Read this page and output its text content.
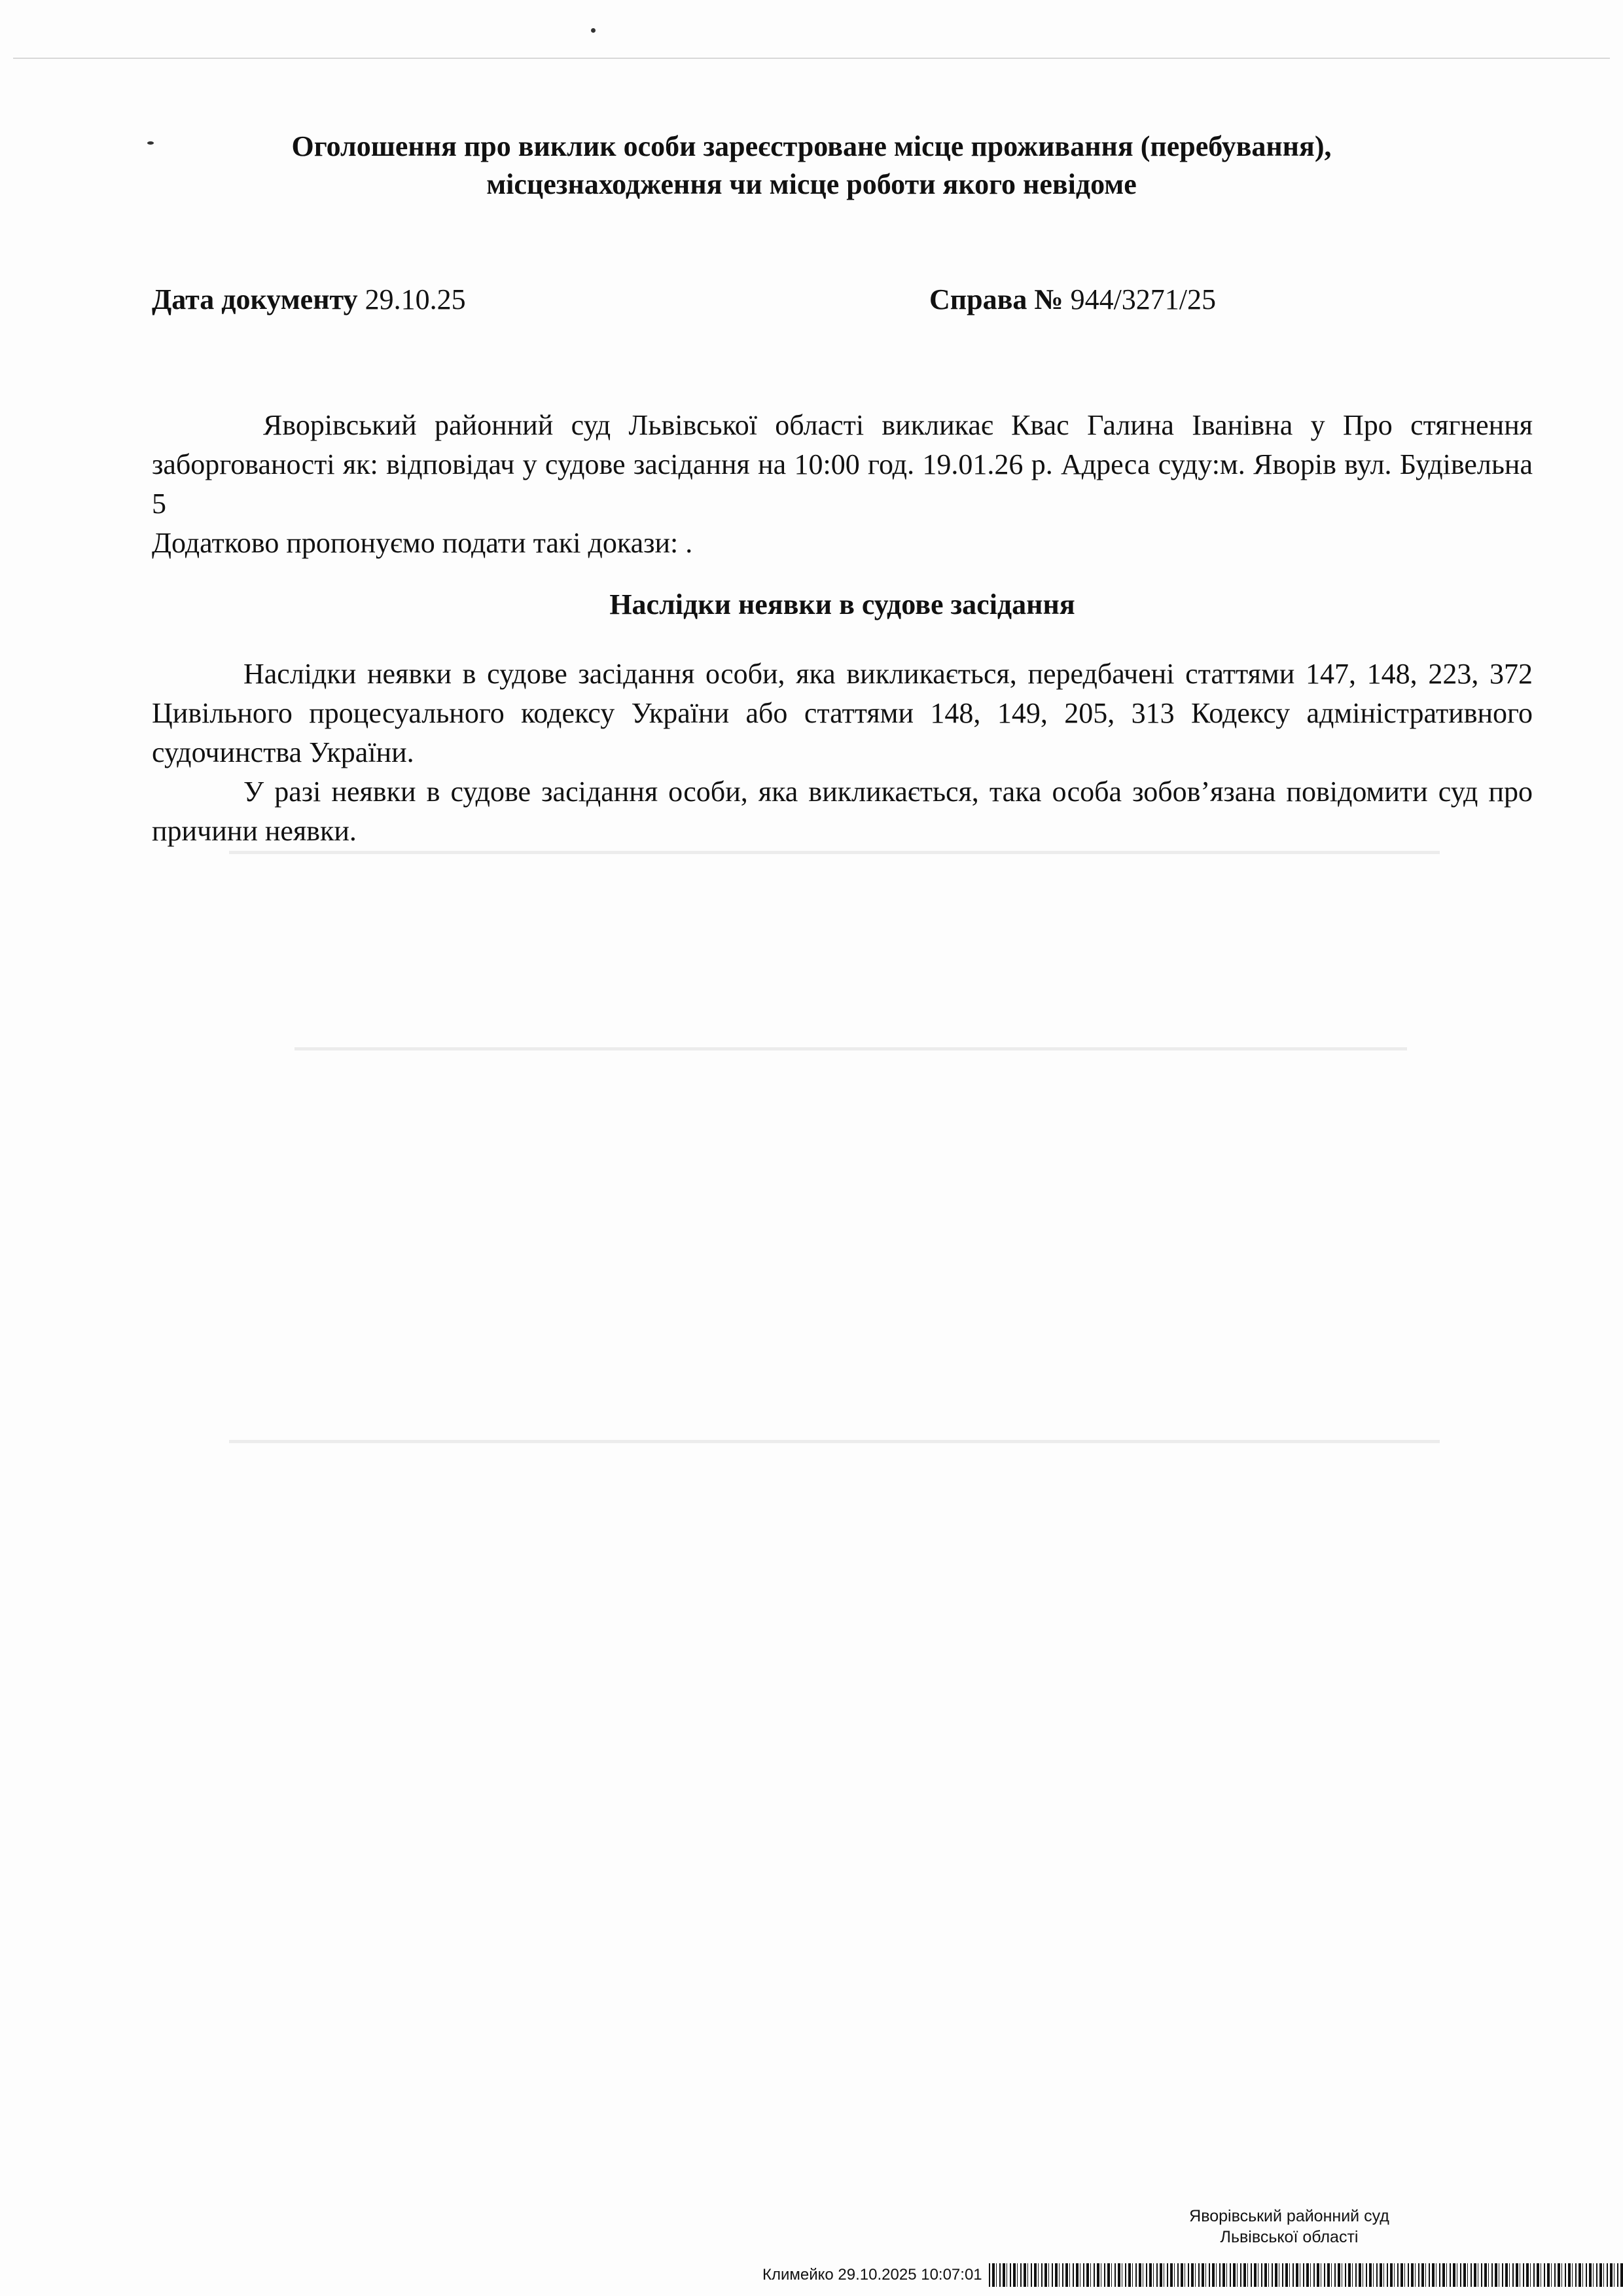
Оголошення про виклик особи зареєстроване місце проживання (перебування),
місцезнаходження чи місце роботи якого невідоме
Дата документу 29.10.25	Справа № 944/3271/25
Яворівський районний суд Львівської області викликає Квас Галина Іванівна у Про стягнення заборгованості як: відповідач у судове засідання на 10:00 год. 19.01.26 р. Адреса суду:м. Яворів вул. Будівельна 5
Додатково пропонуємо подати такі докази: .
Наслідки неявки в судове засідання

Наслідки неявки в судове засідання особи, яка викликається, передбачені статтями 147, 148, 223, 372 Цивільного процесуального кодексу України або статтями 148, 149, 205, 313 Кодексу адміністративного судочинства України.

У разі неявки в судове засідання особи, яка викликається, така особа зобов’язана повідомити суд про причини неявки.

Яворівський районний суд
Львівської області
Климейко 29.10.2025 10:07:01
